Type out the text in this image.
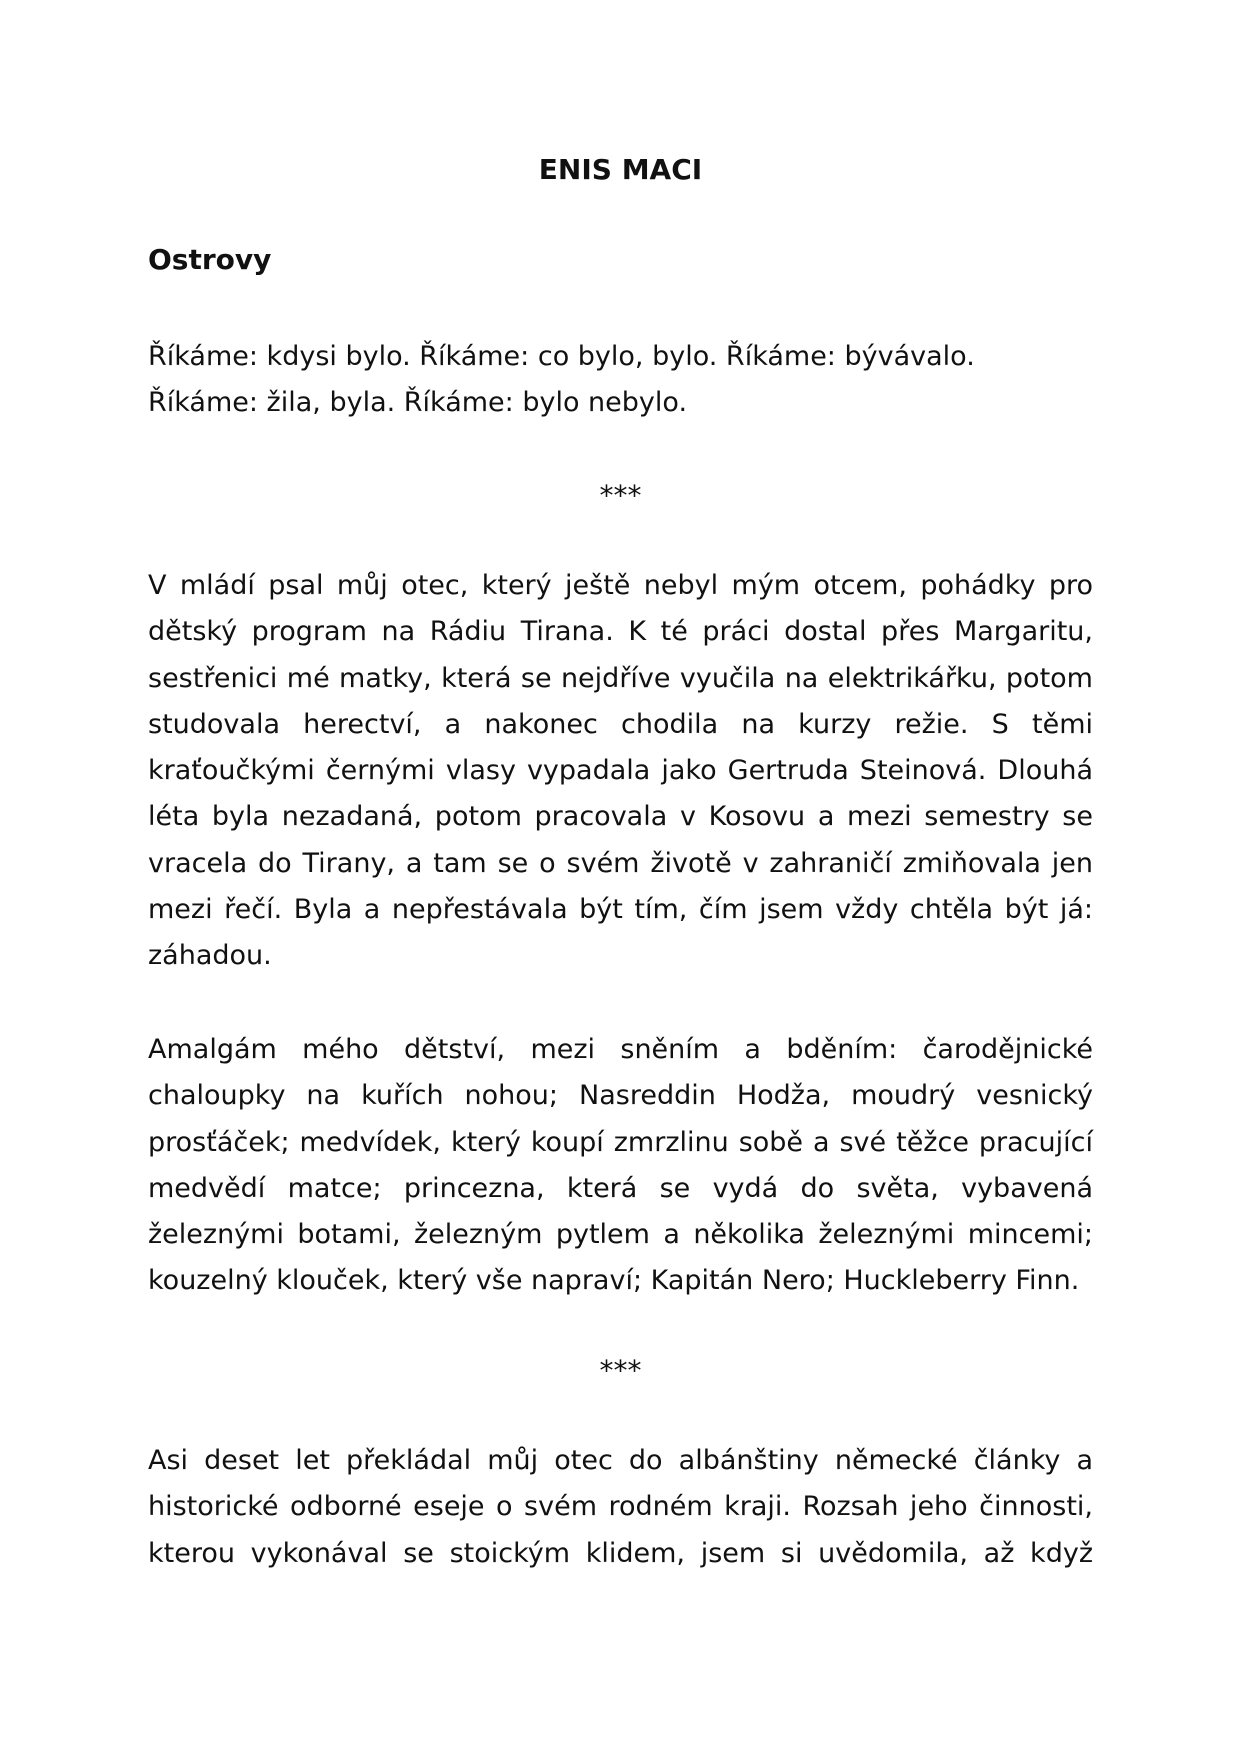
ENIS MACI
Ostrovy

Říkáme: kdysi bylo. Říkáme: co bylo, bylo. Říkáme: bývávalo. Říkáme: žila, byla. Říkáme: bylo nebylo.

***

V mládí psal můj otec, který ještě nebyl mým otcem, pohádky pro dětský program na Rádiu Tirana. K té práci dostal přes Margaritu, sestřenici mé matky, která se nejdříve vyučila na elektrikářku, potom studovala herectví, a nakonec chodila na kurzy režie. S těmi kraťoučkými černými vlasy vypadala jako Gertruda Steinová. Dlouhá léta byla nezadaná, potom pracovala v Kosovu a mezi semestry se vracela do Tirany, a tam se o svém životě v zahraničí zmiňovala jen mezi řečí. Byla a nepřestávala být tím, čím jsem vždy chtěla být já: záhadou.

Amalgám mého dětství, mezi sněním a bděním: čarodějnické chaloupky na kuřích nohou; Nasreddin Hodža, moudrý vesnický prosťáček; medvídek, který koupí zmrzlinu sobě a své těžce pracující medvědí matce; princezna, která se vydá do světa, vybavená železnými botami, železným pytlem a několika železnými mincemi; kouzelný klouček, který vše napraví; Kapitán Nero; Huckleberry Finn.

***

Asi deset let překládal můj otec do albánštiny německé články a historické odborné eseje o svém rodném kraji. Rozsah jeho činnosti, kterou vykonával se stoickým klidem, jsem si uvědomila, až když
